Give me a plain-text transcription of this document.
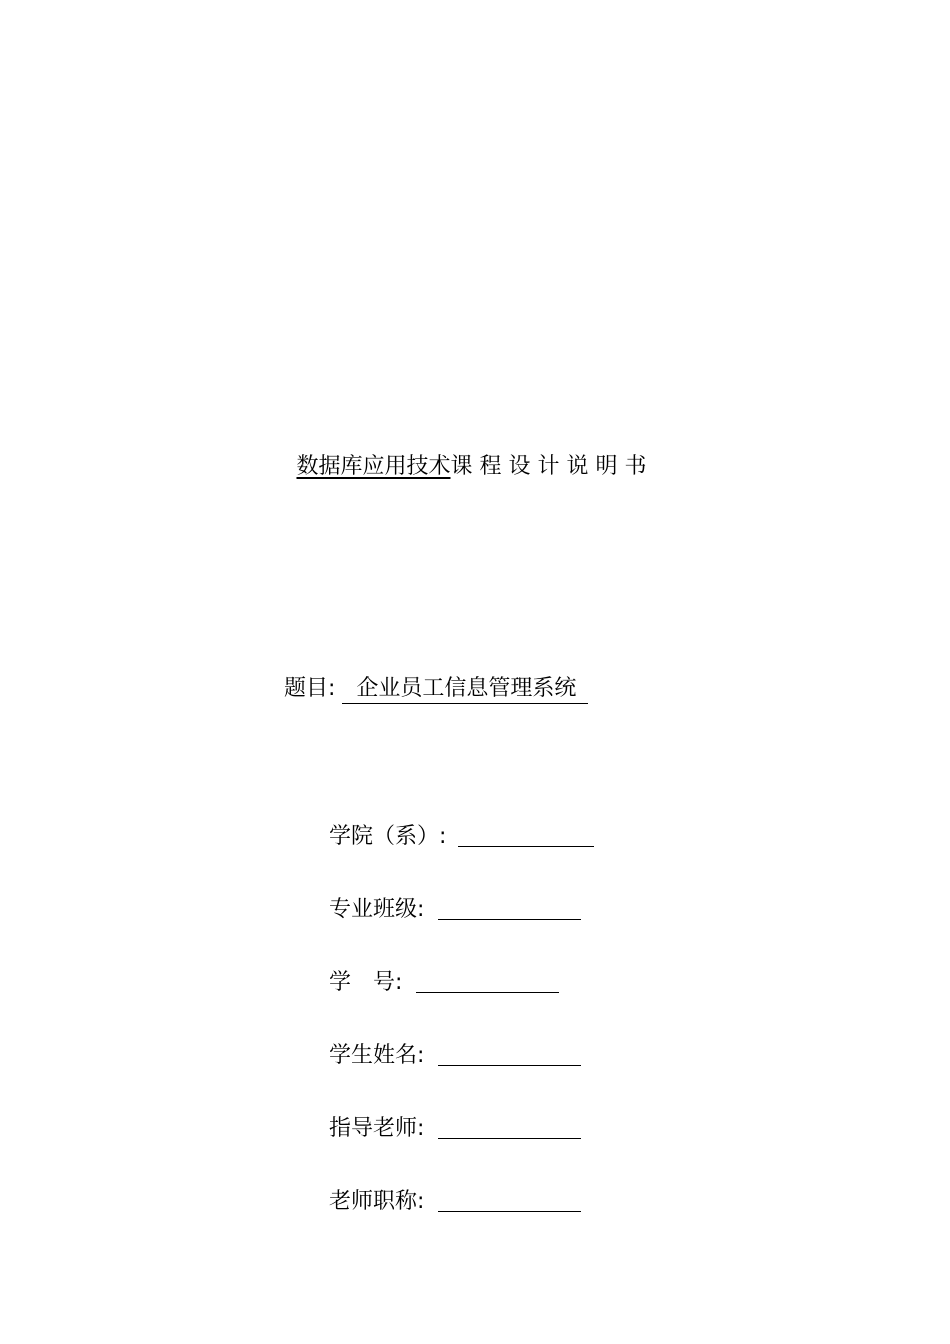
数据库应用技术课程设计说明书
题目: 企业员工信息管理系统
学院（系）:
专业班级:
学　号:
学生姓名:
指导老师:
老师职称:
